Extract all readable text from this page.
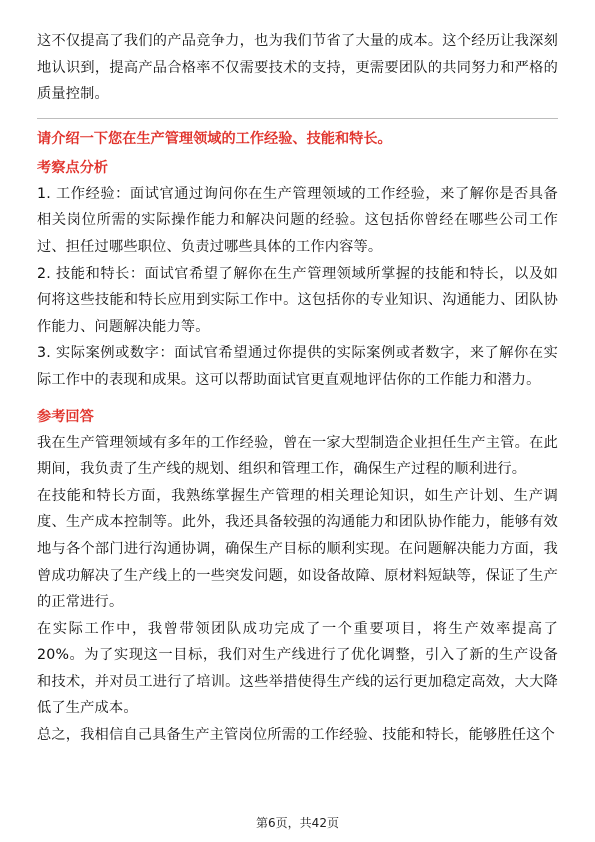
这不仅提高了我们的产品竞争力，也为我们节省了大量的成本。这个经历让我深刻地认识到，提高产品合格率不仅需要技术的支持，更需要团队的共同努力和严格的质量控制。

请介绍一下您在生产管理领域的工作经验、技能和特长。

考察点分析

1. 工作经验：面试官通过询问你在生产管理领域的工作经验，来了解你是否具备相关岗位所需的实际操作能力和解决问题的经验。这包括你曾经在哪些公司工作过、担任过哪些职位、负责过哪些具体的工作内容等。

2. 技能和特长：面试官希望了解你在生产管理领域所掌握的技能和特长，以及如何将这些技能和特长应用到实际工作中。这包括你的专业知识、沟通能力、团队协作能力、问题解决能力等。

3. 实际案例或数字：面试官希望通过你提供的实际案例或者数字，来了解你在实际工作中的表现和成果。这可以帮助面试官更直观地评估你的工作能力和潜力。

参考回答

我在生产管理领域有多年的工作经验，曾在一家大型制造企业担任生产主管。在此期间，我负责了生产线的规划、组织和管理工作，确保生产过程的顺利进行。

在技能和特长方面，我熟练掌握生产管理的相关理论知识，如生产计划、生产调度、生产成本控制等。此外，我还具备较强的沟通能力和团队协作能力，能够有效地与各个部门进行沟通协调，确保生产目标的顺利实现。在问题解决能力方面，我曾成功解决了生产线上的一些突发问题，如设备故障、原材料短缺等，保证了生产的正常进行。

在实际工作中，我曾带领团队成功完成了一个重要项目，将生产效率提高了20%。为了实现这一目标，我们对生产线进行了优化调整，引入了新的生产设备和技术，并对员工进行了培训。这些举措使得生产线的运行更加稳定高效，大大降低了生产成本。

总之，我相信自己具备生产主管岗位所需的工作经验、技能和特长，能够胜任这个

第6页，共42页
